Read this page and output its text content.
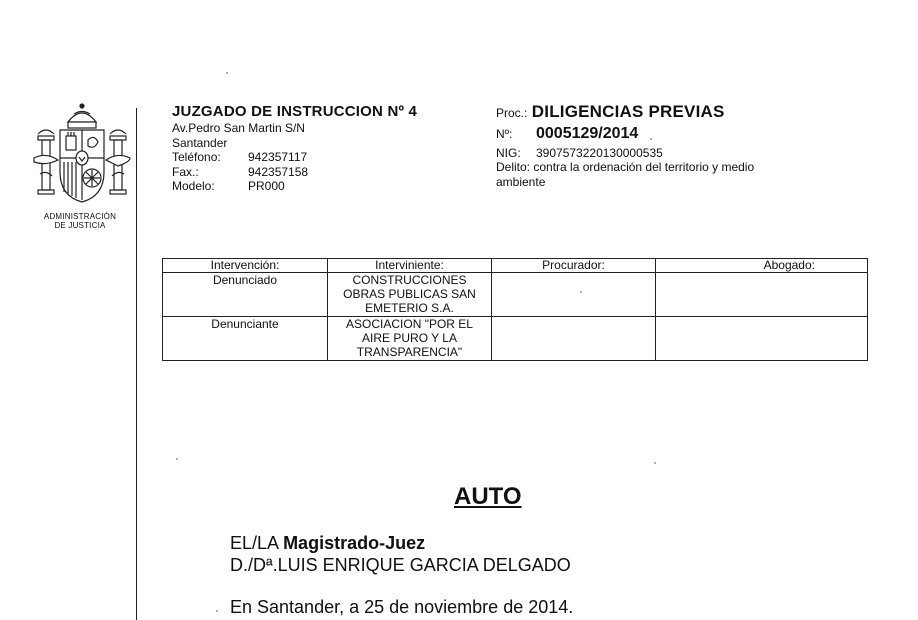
ADMINISTRACIÓN
DE JUSTICIA
JUZGADO DE INSTRUCCION Nº 4
Av.Pedro San Martin S/N
Santander
Teléfono: 942357117
Fax.:	942357158
Modelo:	PR000
Proc.: DILIGENCIAS PREVIAS
Nº: 0005129/2014
NIG: 3907573220130000535
Delito: contra la ordenación del territorio y medio ambiente
Intervención:	Interviniente:	Procurador:	Abogado:
Denunciado	CONSTRUCCIONES OBRAS PUBLICAS SAN EMETERIO S.A.		
Denunciante	ASOCIACION "POR EL AIRE PURO Y LA TRANSPARENCIA"		
AUTO
EL/LA Magistrado-Juez
D./Dª.LUIS ENRIQUE GARCIA DELGADO
En Santander, a 25 de noviembre de 2014.
